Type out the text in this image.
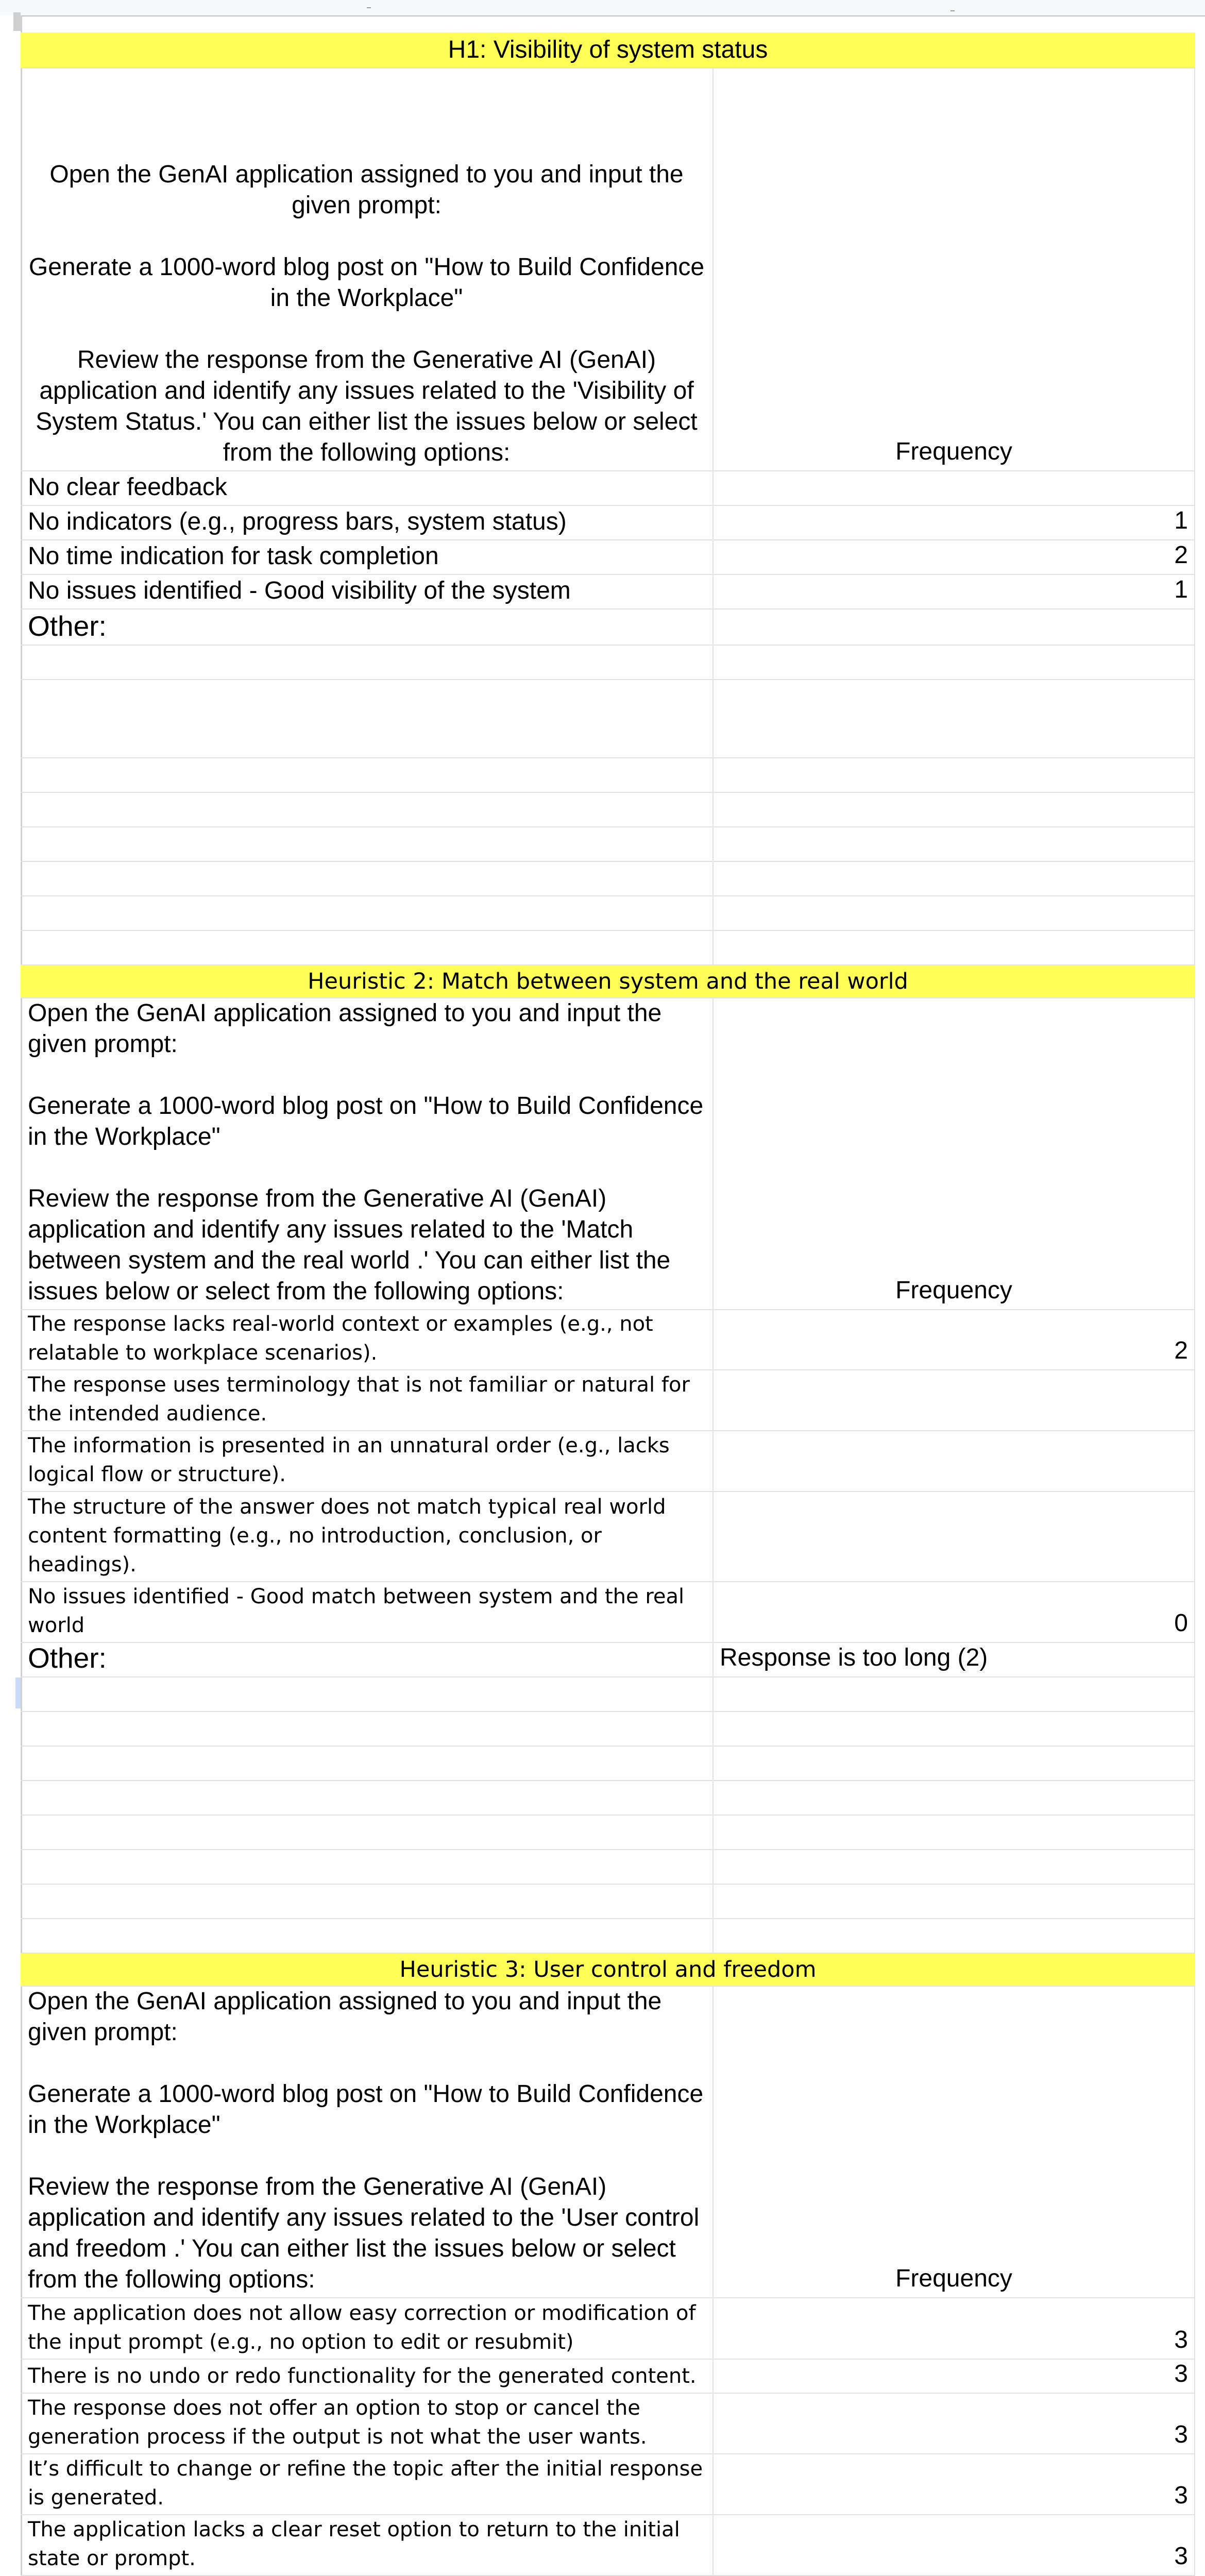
H1: Visibility of system status
Open the GenAI application assigned to you and input the given prompt:

Generate a 1000-word blog post on "How to Build Confidence in the Workplace"

Review the response from the Generative AI (GenAI) application and identify any issues related to the 'Visibility of System Status.' You can either list the issues below or select from the following options:	Frequency
No clear feedback
No indicators (e.g., progress bars, system status)	1
No time indication for task completion	2
No issues identified - Good visibility of the system	1
Other:
Heuristic 2: Match between system and the real world
Open the GenAI application assigned to you and input the given prompt:

Generate a 1000-word blog post on "How to Build Confidence in the Workplace"

Review the response from the Generative AI (GenAI) application and identify any issues related to the 'Match between system and the real world .' You can either list the issues below or select from the following options:	Frequency
The response lacks real-world context or examples (e.g., not relatable to workplace scenarios).	2
The response uses terminology that is not familiar or natural for the intended audience.
The information is presented in an unnatural order (e.g., lacks logical flow or structure).
The structure of the answer does not match typical real world content formatting (e.g., no introduction, conclusion, or headings).
No issues identified - Good match between system and the real world	0
Other:	Response is too long (2)
Heuristic 3: User control and freedom
Open the GenAI application assigned to you and input the given prompt:

Generate a 1000-word blog post on "How to Build Confidence in the Workplace"

Review the response from the Generative AI (GenAI) application and identify any issues related to the 'User control and freedom .' You can either list the issues below or select from the following options:	Frequency
The application does not allow easy correction or modification of the input prompt (e.g., no option to edit or resubmit)	3
There is no undo or redo functionality for the generated content.	3
The response does not offer an option to stop or cancel the generation process if the output is not what the user wants.	3
It’s difficult to change or refine the topic after the initial response is generated.	3
The application lacks a clear reset option to return to the initial state or prompt.	3
